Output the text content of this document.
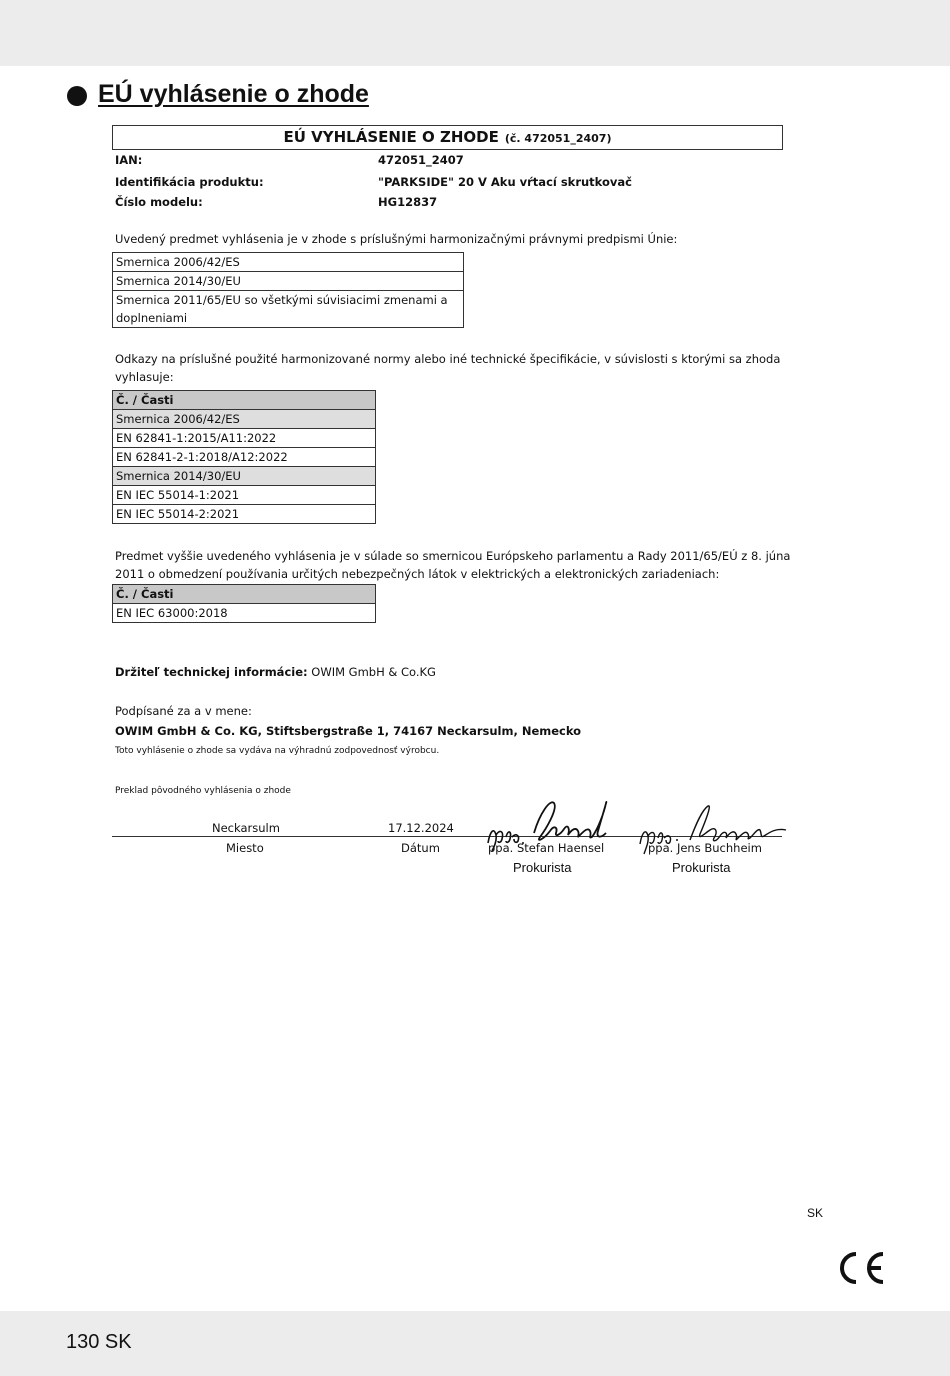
EÚ vyhlásenie o zhode
EÚ VYHLÁSENIE O ZHODE (č. 472051_2407)
IAN:	472051_2407
Identifikácia produktu:	"PARKSIDE" 20 V Aku vŕtací skrutkovač
Číslo modelu:	HG12837
Uvedený predmet vyhlásenia je v zhode s príslušnými harmonizačnými právnymi predpismi Únie:
Smernica 2006/42/ES
Smernica 2014/30/EU
Smernica 2011/65/EU so všetkými súvisiacimi zmenami a doplneniami
Odkazy na príslušné použité harmonizované normy alebo iné technické špecifikácie, v súvislosti s ktorými sa zhoda
vyhlasuje:
Č. / Časti
Smernica 2006/42/ES
EN 62841-1:2015/A11:2022
EN 62841-2-1:2018/A12:2022
Smernica 2014/30/EU
EN IEC 55014-1:2021
EN IEC 55014-2:2021
Predmet vyššie uvedeného vyhlásenia je v súlade so smernicou Európskeho parlamentu a Rady 2011/65/EÚ z 8. júna
2011 o obmedzení používania určitých nebezpečných látok v elektrických a elektronických zariadeniach:
Č. / Časti
EN IEC 63000:2018
Držiteľ technickej informácie: OWIM GmbH & Co.KG
Podpísané za a v mene:
OWIM GmbH & Co. KG, Stiftsbergstraße 1, 74167 Neckarsulm, Nemecko
Toto vyhlásenie o zhode sa vydáva na výhradnú zodpovednosť výrobcu.
Preklad pôvodného vyhlásenia o zhode
Neckarsulm	17.12.2024
Miesto	Dátum	ppa. Stefan Haensel	ppa. Jens Buchheim
Prokurista	Prokurista
SK
130 SK
